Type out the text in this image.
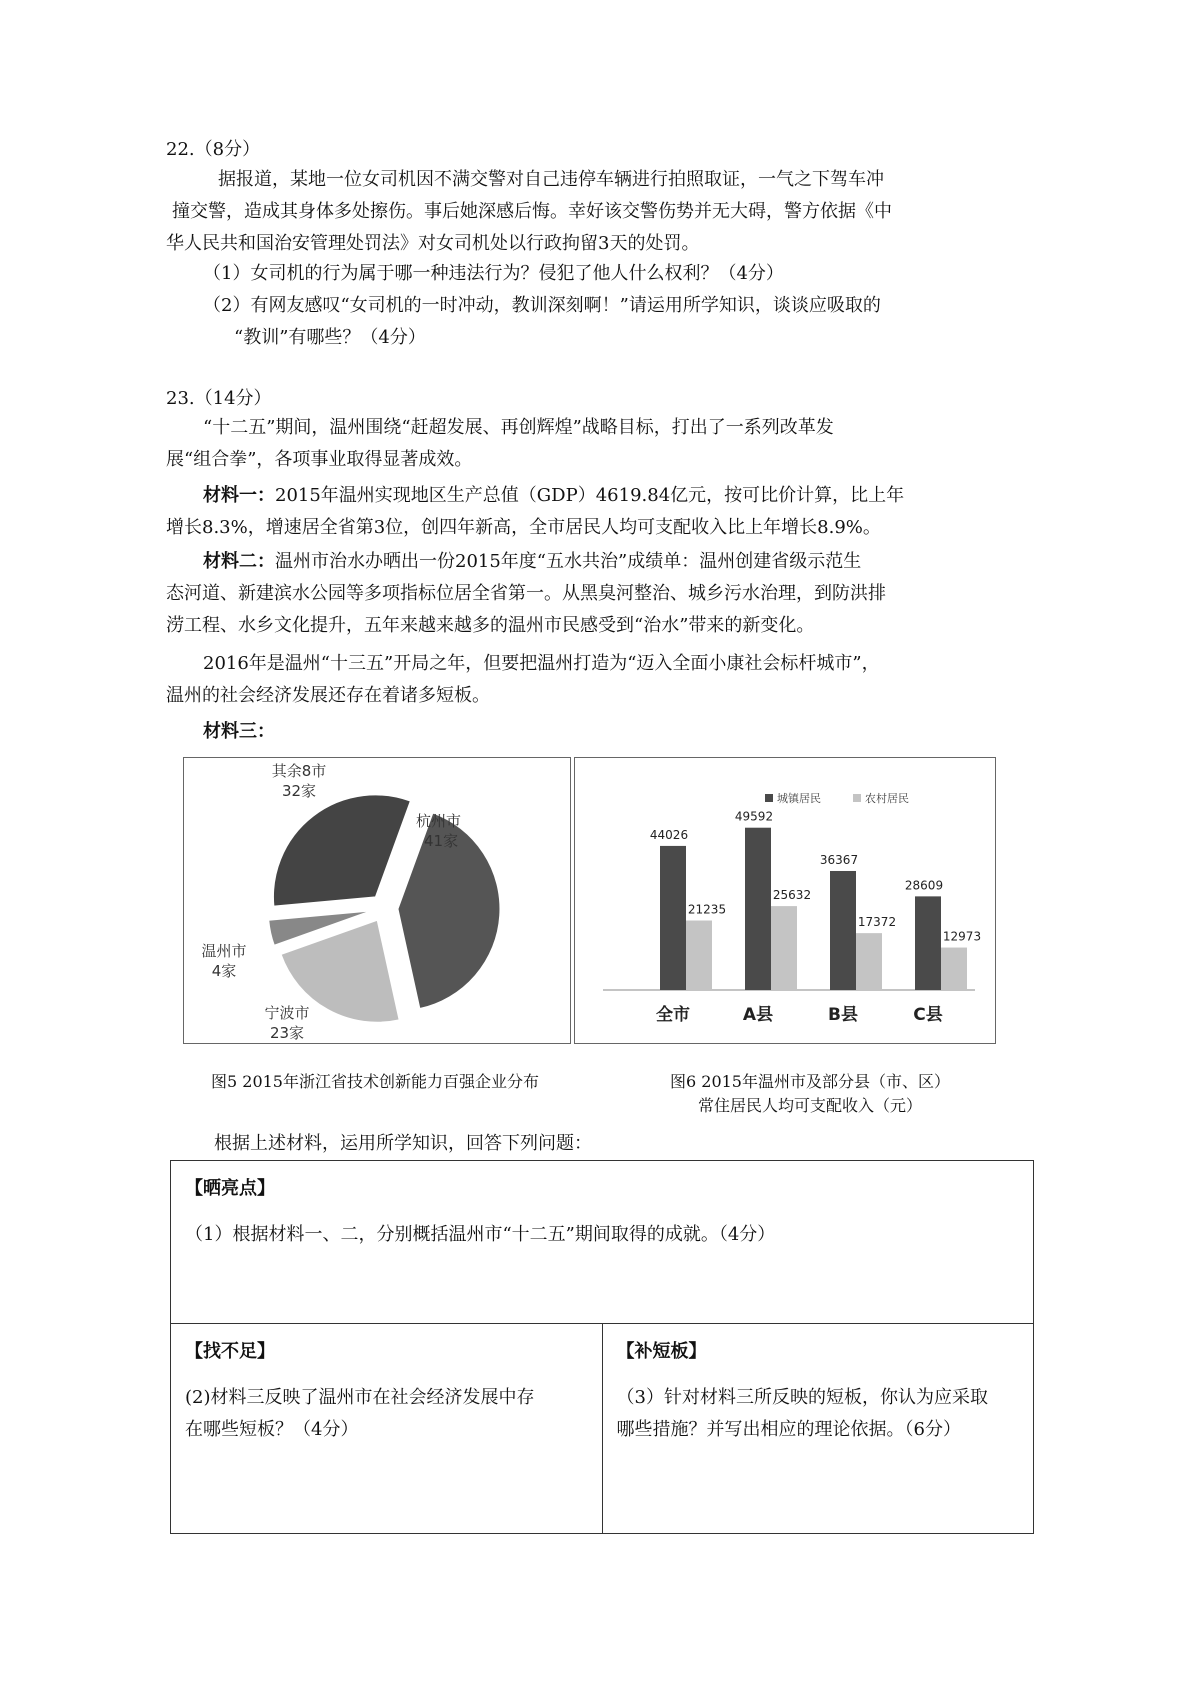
22.（8分）
据报道，某地一位女司机因不满交警对自己违停车辆进行拍照取证，一气之下驾车冲
撞交警，造成其身体多处擦伤。事后她深感后悔。幸好该交警伤势并无大碍，警方依据《中
华人民共和国治安管理处罚法》对女司机处以行政拘留3天的处罚。
（1）女司机的行为属于哪一种违法行为？侵犯了他人什么权利？（4分）
（2）有网友感叹“女司机的一时冲动，教训深刻啊！”请运用所学知识，谈谈应吸取的
“教训”有哪些？（4分）
23.（14分）
“十二五”期间，温州围绕“赶超发展、再创辉煌”战略目标，打出了一系列改革发
展“组合拳”，各项事业取得显著成效。
材料一：2015年温州实现地区生产总值（GDP）4619.84亿元，按可比价计算，比上年
增长8.3%，增速居全省第3位，创四年新高，全市居民人均可支配收入比上年增长8.9%。
材料二：温州市治水办晒出一份2015年度“五水共治”成绩单：温州创建省级示范生
态河道、新建滨水公园等多项指标位居全省第一。从黑臭河整治、城乡污水治理，到防洪排
涝工程、水乡文化提升，五年来越来越多的温州市民感受到“治水”带来的新变化。
2016年是温州“十三五”开局之年，但要把温州打造为“迈入全面小康社会标杆城市”，
温州的社会经济发展还存在着诸多短板。
材料三：
杭州市
41家
宁波市
23家
温州市
4家
其余8市
32家	城镇居民	农村居民
44026
21235
全市
49592
25632
A县
36367
17372
B县
28609
12973
C县
图5 2015年浙江省技术创新能力百强企业分布	图6 2015年温州市及部分县（市、区）
常住居民人均可支配收入（元）
根据上述材料，运用所学知识，回答下列问题：
【晒亮点】
（1）根据材料一、二，分别概括温州市“十二五”期间取得的成就。（4分）

【找不足】
(2)材料三反映了温州市在社会经济发展中存
在哪些短板？（4分）

【补短板】
（3）针对材料三所反映的短板，你认为应采取
哪些措施？并写出相应的理论依据。（6分）
